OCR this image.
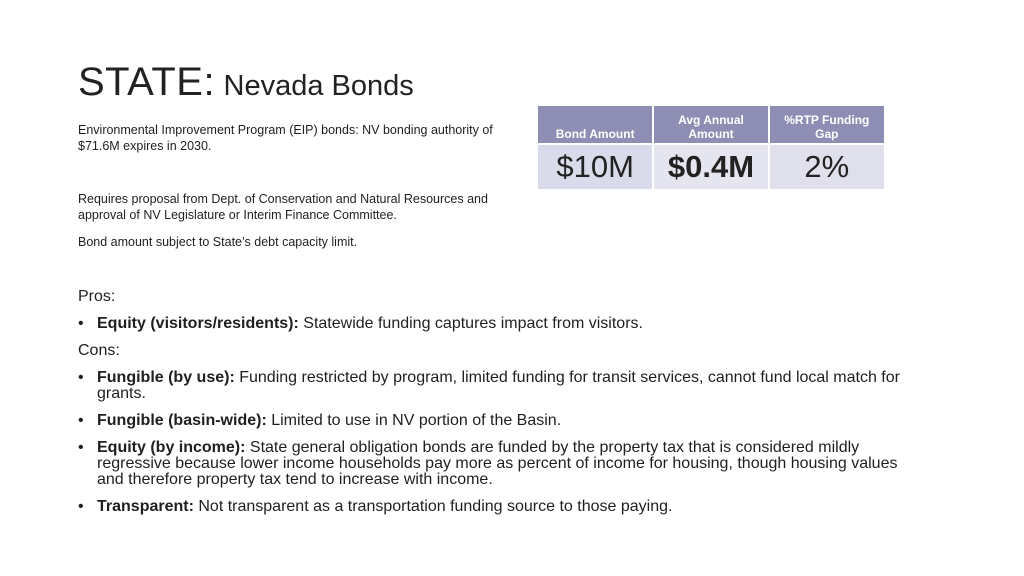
STATE: Nevada Bonds
Environmental Improvement Program (EIP) bonds: NV bonding authority of $71.6M expires in 2030.
Requires proposal from Dept. of Conservation and Natural Resources and approval of NV Legislature or Interim Finance Committee.
Bond amount subject to State’s debt capacity limit.
Bond Amount	Avg Annual Amount	%RTP Funding Gap

$10M	$0.4M	2%

Pros:

• Equity (visitors/residents): Statewide funding captures impact from visitors.

Cons:

• Fungible (by use): Funding restricted by program, limited funding for transit services, cannot fund local match for grants.
• Fungible (basin-wide): Limited to use in NV portion of the Basin.
• Equity (by income): State general obligation bonds are funded by the property tax that is considered mildly regressive because lower income households pay more as percent of income for housing, though housing values and therefore property tax tend to increase with income.
• Transparent: Not transparent as a transportation funding source to those paying.
